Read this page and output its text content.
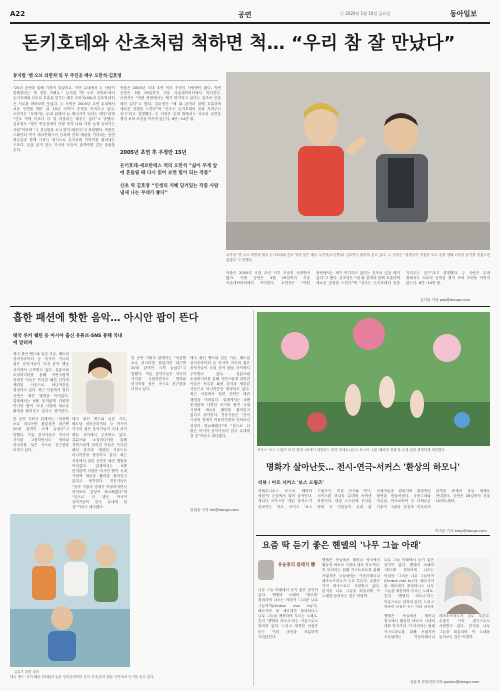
A22	공연	ⓒ 2020년 1월 10일 금요일	동아일보
돈키호테와 산초처럼 척하면 척… “우리 참 잘 만났다”
뮤지컬 '맨 오브 라만차'의 두 주인공 배우 오만석-김호영
“20년 공연을 통해 가까이 알았어요. 이번 무대에서 두 사람이 함께한다는 게 정말 기뻐요.” 뮤지컬 ‘맨 오브 라만차’에서 돈키호테와 산초로 호흡을 맞추는 배우 오만석(46)과 김호영(37)은 서로를 바라보며 웃었다. 두 사람은 2005년 초연 무대에서 처음 인연을 맺은 뒤 15년 가까이 우정을 이어오고 있다. 오만석은 “호영이는 무대 위에서 늘 에너지가 넘치는 배우”라며 “산초 역에 이보다 더 잘 어울리는 배우는 없다”고 말했다. 김호영도 “형은 연습실에서 가장 먼저 나와 가장 늦게 들어가는 사람”이라며 “그 성실함을 보고 많이 배운다”고 화답했다. 작품은 스페인의 작가 세르반테스가 감옥에 갇혀 재판을 기다리는 동안 죄수들과 함께 극중극 형식으로 돈키호테 이야기를 펼쳐내는 구조다. 꿈을 잃지 않는 기사의 모습이 관객에게 깊은 울림을 준다.
작품은 2005년 국내 초연 이후 꾸준히 사랑받아 왔다. 이번 공연은 3월 29일까지 서울 샤롯데씨어터에서 이어진다. 오만석은 “어떤 장면에서는 제가 연기하고 있다는 것조차 잊을 때가 있다”고 했다. 김호영은 “매 회 관객과 함께 호흡하며 새로운 감정을 느낀다”며 “산초는 돈키호테의 꿈을 지켜주는 친구”라고 설명했다. 두 사람은 무대 밖에서도 서로의 공연을 챙겨 보며 조언을 아끼지 않는다. 6만~14만 원.
2005년 초연 후 우정만 15년
돈키호테-세르반테스 역의 오만석 “삶이 무게 앞에 흔들릴 때 다시 읽어 보면 힘이 되는 작품”
산초 역 김호영 “인생의 지혜 담겨있는 작품 사람 냄새 나는 무대가 좋다”
뮤지컬 ‘맨 오브 라만차’에서 돈키호테와 산초 역을 맡은 배우 오만석(오른쪽)과 김호영이 환하게 웃고 있다. 두 사람은 “관객들이 작품을 보고 꿈을 향해 나아갈 용기를 얻었으면 좋겠다”고 말했다.
작품은 2005년 국내 초연 이후 꾸준히 사랑받아 왔다. 이번 공연은 3월 29일까지 서울 샤롯데씨어터에서 이어진다. 오만석은 “어떤 장면에서는 제가 연기하고 있다는 것조차 잊을 때가 있다”고 했다. 김호영은 “매 회 관객과 함께 호흡하며 새로운 감정을 느낀다”며 “산초는 돈키호테의 꿈을 지켜주는 친구”라고 설명했다. 두 사람은 무대 밖에서도 서로의 공연을 챙겨 보며 조언을 아끼지 않는다. 6만~14만 원.
김기윤 기자 pep@donga.com
흡한 패션에 핫한 음악… 아시안 팝이 뜬다
태국 루커 웨턴 등 아시아 출신 유튜브·SNS 통해 국내에 알려져
태국 출신 밴드와 일본 가수, 베트남 싱어송라이터 등 아시아 각국의 젊은 음악가들이 국내 음악 팬들 사이에서 주목받고 있다. 유튜브와 소셜미디어를 통해 자연스럽게 알려진 이들은 독특한 패션 감각과 세련된 사운드로 마니아층을 형성하고 있다. 최근 서울에서 열린 공연은 매진 행렬을 이어갔다. 업계에서는 K팝 못지않게 다양한 아시안 팝이 국내 시장에 새로운 활력을 불어넣고 있다고 평가한다.
한 공연 기획사 관계자는 “처음엔 소수 마니아만 찾았지만 최근엔 20대 관객이 크게 늘었다”고 말했다. 이들 음악가들은 자국어 가사를 고집하면서도 영어와 한국어를 섞은 곡으로 친근함을 더하고 있다.
태국 출신 밴드와 일본 가수, 베트남 싱어송라이터 등 아시아 각국의 젊은 음악가들이 국내 음악 팬들 사이에서 주목받고 있다. 유튜브와 소셜미디어를 통해 자연스럽게 알려진 이들은 독특한 패션 감각과 세련된 사운드로 마니아층을 형성하고 있다. 최근 서울에서 열린 공연은 매진 행렬을 이어갔다. 업계에서는 K팝 못지않게 다양한 아시안 팝이 국내 시장에 새로운 활력을 불어넣고 있다고 평가한다. 전문가들은 “음악 시장의 경계가 허물어지면서 언어보다 감성이 중요해졌다”며 “앞으로 더 많은 아시아 음악가들이 한국 무대에 설 것”이라고 내다봤다.
한 공연 기획사 관계자는 “처음엔 소수 마니아만 찾았지만 최근엔 20대 관객이 크게 늘었다”고 말했다. 이들 음악가들은 자국어 가사를 고집하면서도 영어와 한국어를 섞은 곡으로 친근함을 더하고 있다.
태국 출신 밴드와 일본 가수, 베트남 싱어송라이터 등 아시아 각국의 젊은 음악가들이 국내 음악 팬들 사이에서 주목받고 있다. 유튜브와 소셜미디어를 통해 자연스럽게 알려진 이들은 독특한 패션 감각과 세련된 사운드로 마니아층을 형성하고 있다. 최근 서울에서 열린 공연은 매진 행렬을 이어갔다. 업계에서는 K팝 못지않게 다양한 아시안 팝이 국내 시장에 새로운 활력을 불어넣고 있다고 평가한다. 전문가들은 “음악 시장의 경계가 허물어지면서 언어보다 감성이 중요해졌다”며 “앞으로 더 많은 아시아 음악가들이 한국 무대에 설 것”이라고 내다봤다.
유튜브 화면 캡처
태국 밴드 ‘루커 웨턴’(아래)과 일본 싱어송라이터 등이 국내 음악 팬들 사이에서 인기를 얻고 있다.
임희윤 기자 imi@donga.com
서커스 ‘보스 드림즈’의 한 장면. 15세기 네덜란드 화가 히에로니무스 보스의 그림 ‘쾌락의 정원’을 무대 위에 생생하게 재현했다.
명화가 살아난듯… 전시-연극-서커스 '환상의 하모니'
리뷰 / 아트 서커스 '보스 드림즈'
히에로니무스 보스의 ‘쾌락의 정원’이 눈앞에서 살아 움직인다. 캐나다 서커스단 ‘세븐 핑거스’가 선보이는 아트 서커스 ‘보스 드림즈’는 미술 전시와 연극, 서커스를 하나의 무대에 녹여낸 작품이다. 대형 스크린에 투사된 명화 속 인물들이 무대 위 곡예사들과 겹쳐지며 환상적인 장면을 만들어낸다. 공중그네와 저글링, 아크로바틱 등 다채로운 기술이 그림의 상징과 어우러져 관객을 중세의 상상 세계로 안내한다. 공연은 26일까지 서울 LG아트센터.
이지운 기자 easy@donga.com
요즘 딱 듣기 좋은 헨델의 '나무 그늘 아래'
유윤종의 클래식 感
나무 그늘 아래에서 듣기 좋은 음악이 있다. 헨델의 오페라 ‘세르세’ 첫머리에 나오는 아리아 ‘그리운 나무 그늘이여(Ombra mai fu)’다. 페르시아 왕 세르세가 플라타너스 나무 그늘을 예찬하며 부르는 노래로, 흔히 ‘헨델의 라르고’라는 이름으로도 알려져 있다. 느리고 장중한 선율은 듣는 이의 마음을 차분하게 가라앉힌다.
헨델은 독일에서 태어나 영국에서 활동한 바로크 시대의 대표 작곡가다. 이 아리아는 원래 카스트라토를 위해 쓰였지만 오늘날에는 카운터테너나 메조소프라노가 주로 부른다. 수많은 기악 편곡으로도 사랑받고 있다. 한겨울 나무 그늘을 떠올리며 이 노래를 들어보는 것은 어떨까.
나무 그늘 아래에서 듣기 좋은 음악이 있다. 헨델의 오페라 ‘세르세’ 첫머리에 나오는 아리아 ‘그리운 나무 그늘이여(Ombra mai fu)’다. 페르시아 왕 세르세가 플라타너스 나무 그늘을 예찬하며 부르는 노래로, 흔히 ‘헨델의 라르고’라는 이름으로도 알려져 있다. 느리고 장중한 선율은 듣는 이의 마음을
헨델은 독일에서 태어나 영국에서 활동한 바로크 시대의 대표 작곡가다. 이 아리아는 원래 카스트라토를 위해 쓰였지만 오늘날에는 카운터테너나 메조소프라노가 주로 부른다. 수많은 기악 편곡으로도 사랑받고 있다. 한겨울 나무 그늘을 떠올리며 이 노래를 들어보는 것은 어떨까.
유윤종 문화전문기자 gustav@donga.com
